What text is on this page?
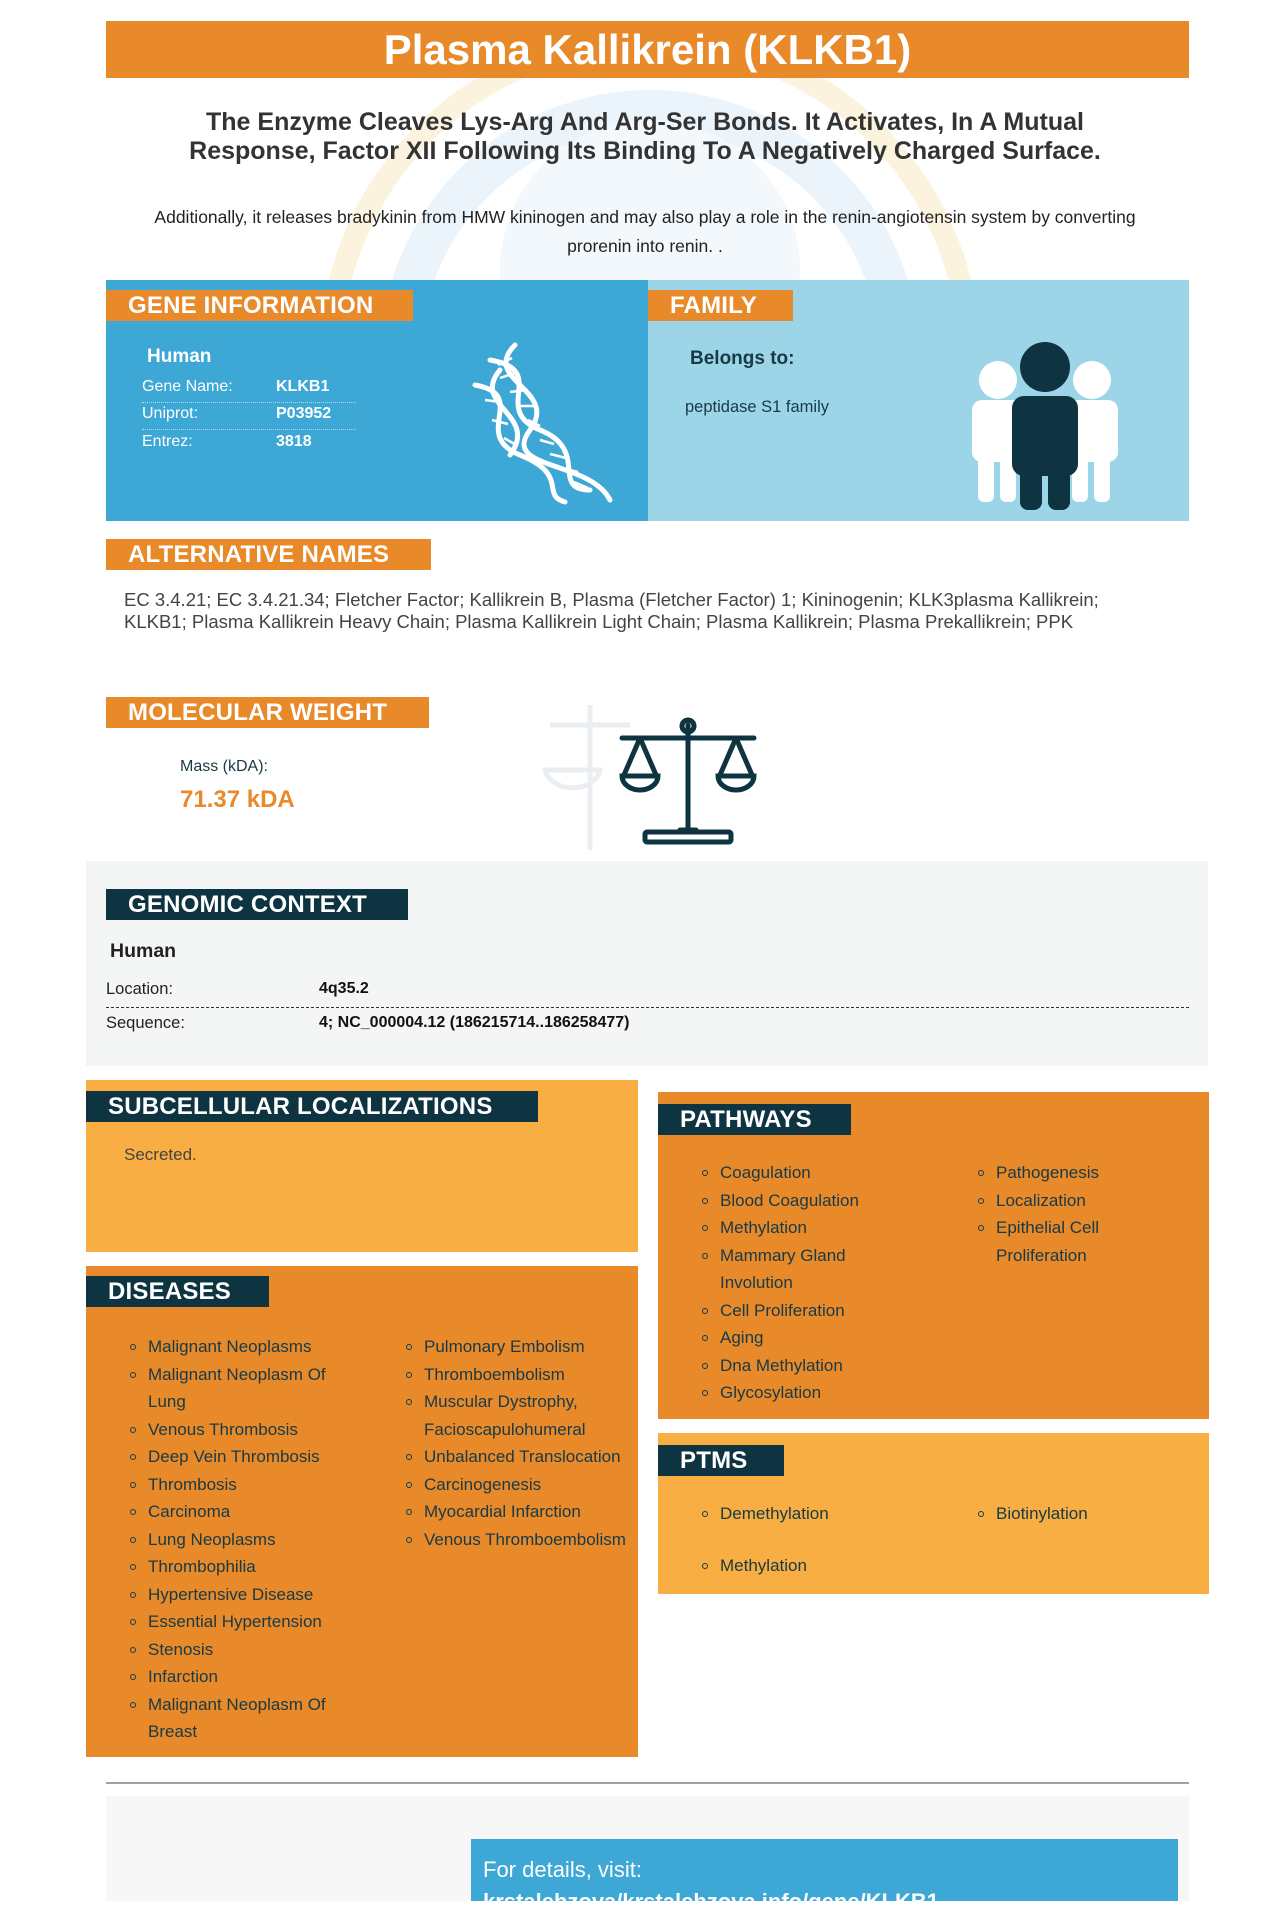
Plasma Kallikrein (KLKB1)
The Enzyme Cleaves Lys-Arg And Arg-Ser Bonds. It Activates, In A Mutual Response, Factor XII Following Its Binding To A Negatively Charged Surface.
Additionally, it releases bradykinin from HMW kininogen and may also play a role in the renin-angiotensin system by converting prorenin into renin. .
GENE INFORMATION
Human
Gene Name:	KLKB1
Uniprot:	P03952
Entrez:	3818
FAMILY
Belongs to:
peptidase S1 family
ALTERNATIVE NAMES
EC 3.4.21; EC 3.4.21.34; Fletcher Factor; Kallikrein B, Plasma (Fletcher Factor) 1; Kininogenin; KLK3plasma Kallikrein; KLKB1; Plasma Kallikrein Heavy Chain; Plasma Kallikrein Light Chain; Plasma Kallikrein; Plasma Prekallikrein; PPK
MOLECULAR WEIGHT
Mass (kDA):
71.37 kDA
GENOMIC CONTEXT
Human
Location:	4q35.2
Sequence:	4; NC_000004.12 (186215714..186258477)
SUBCELLULAR LOCALIZATIONS
Secreted.
DISEASES
Malignant Neoplasms
Malignant Neoplasm Of Lung
Venous Thrombosis
Deep Vein Thrombosis
Thrombosis
Carcinoma
Lung Neoplasms
Thrombophilia
Hypertensive Disease
Essential Hypertension
Stenosis
Infarction
Malignant Neoplasm Of Breast
Pulmonary Embolism
Thromboembolism
Muscular Dystrophy, Facioscapulohumeral
Unbalanced Translocation
Carcinogenesis
Myocardial Infarction
Venous Thromboembolism
PATHWAYS
Coagulation
Blood Coagulation
Methylation
Mammary Gland Involution
Cell Proliferation
Aging
Dna Methylation
Glycosylation
Pathogenesis
Localization
Epithelial Cell Proliferation
PTMS
Demethylation
Methylation
Biotinylation
For details, visit:
krstalehzova/krstalehzova.info/gene/KLKB1
